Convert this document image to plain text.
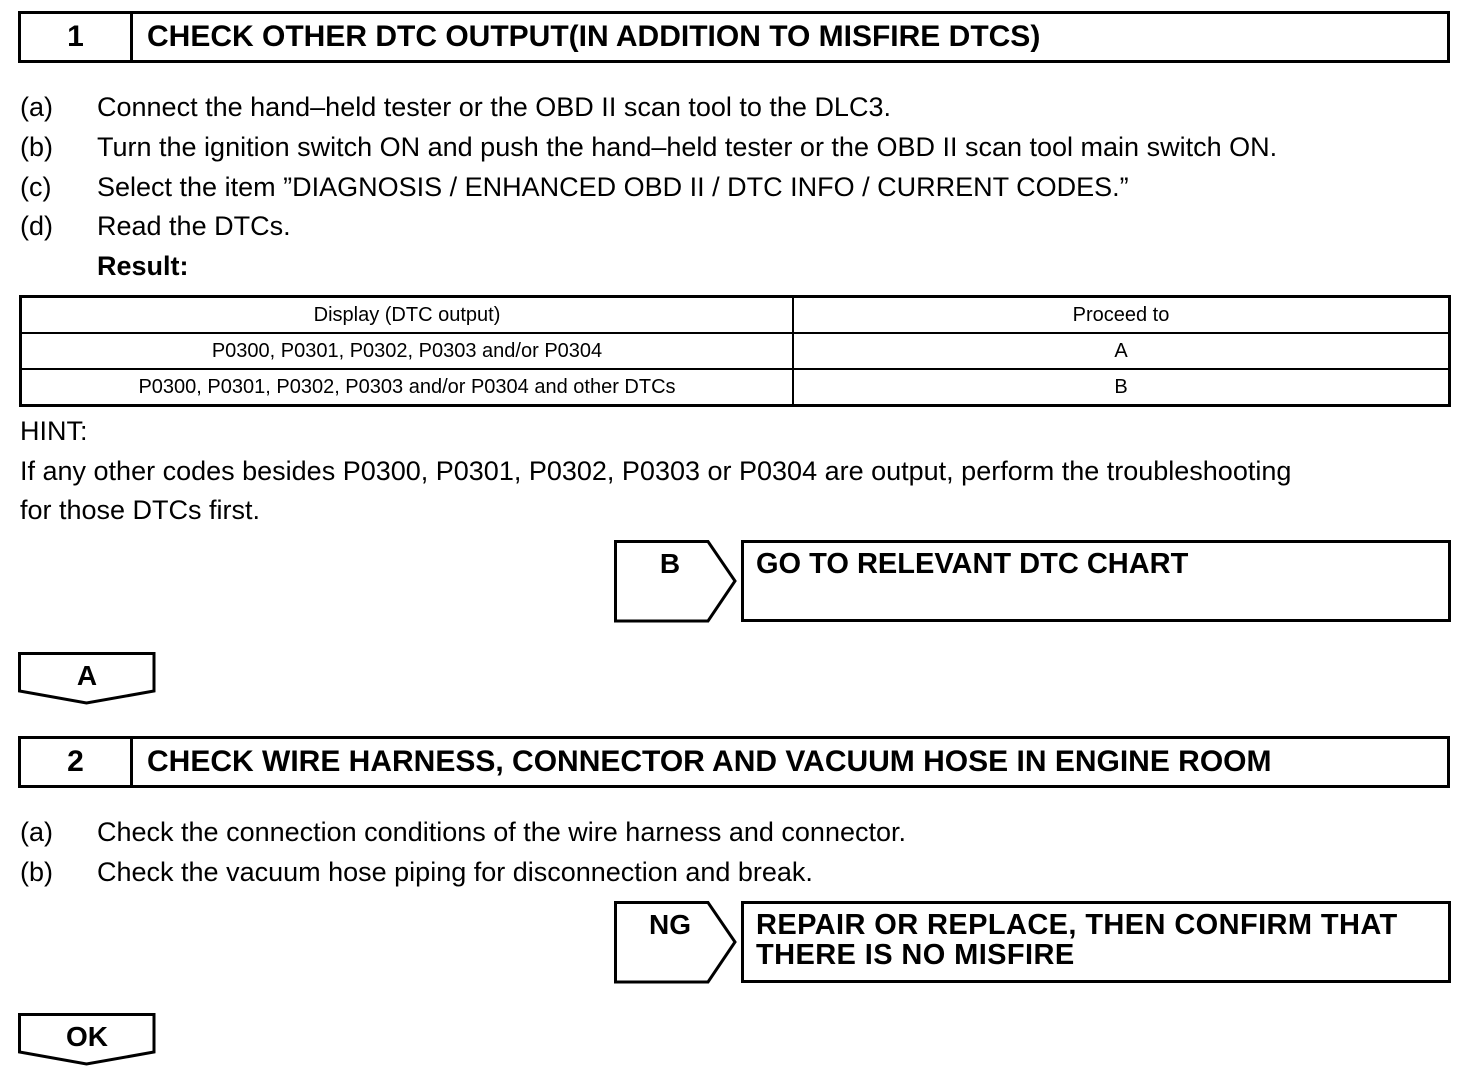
1	CHECK OTHER DTC OUTPUT(IN ADDITION TO MISFIRE DTCS)
(a) Connect the hand–held tester or the OBD II scan tool to the DLC3.
(b) Turn the ignition switch ON and push the hand–held tester or the OBD II scan tool main switch ON.
(c) Select the item ”DIAGNOSIS / ENHANCED OBD II / DTC INFO / CURRENT CODES.”
(d) Read the DTCs.
Result:
Display (DTC output)	Proceed to
P0300, P0301, P0302, P0303 and/or P0304	A
P0300, P0301, P0302, P0303 and/or P0304 and other DTCs	B
HINT:
If any other codes besides P0300, P0301, P0302, P0303 or P0304 are output, perform the troubleshooting
for those DTCs first.
B	GO TO RELEVANT DTC CHART
A
2	CHECK WIRE HARNESS, CONNECTOR AND VACUUM HOSE IN ENGINE ROOM
(a) Check the connection conditions of the wire harness and connector.
(b) Check the vacuum hose piping for disconnection and break.
NG	REPAIR OR REPLACE, THEN CONFIRM THAT
THERE IS NO MISFIRE
OK
